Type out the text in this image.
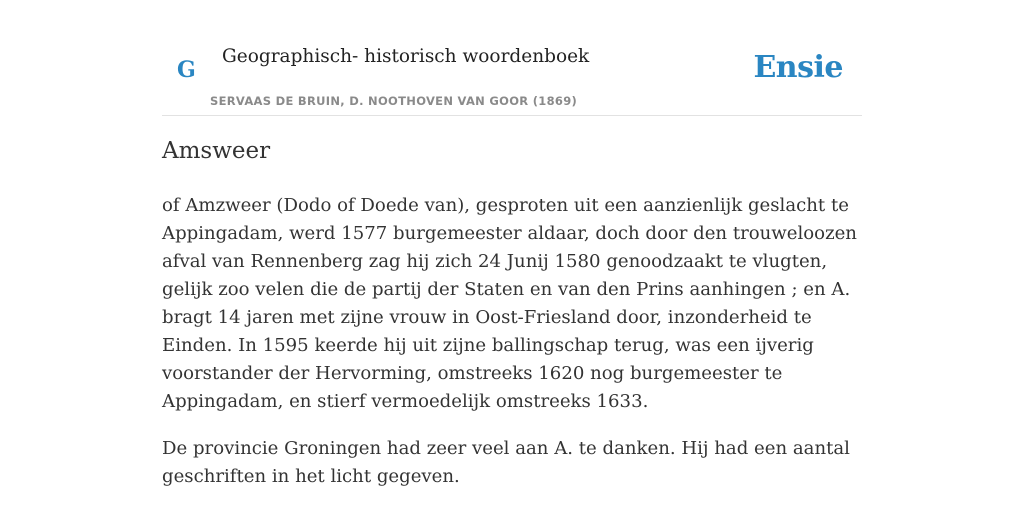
G
Geographisch- historisch woordenboek
SERVAAS DE BRUIN, D. NOOTHOVEN VAN GOOR (1869)
Ensie
Amsweer

of Amzweer (Dodo of Doede van), gesproten uit een aanzienlijk geslacht te Appingadam, werd 1577 burgemeester aldaar, doch door den trouweloozen afval van Rennenberg zag hij zich 24 Junij 1580 genoodzaakt te vlugten, gelijk zoo velen die de partij der Staten en van den Prins aanhingen ; en A. bragt 14 jaren met zijne vrouw in Oost-Friesland door, inzonderheid te Einden. In 1595 keerde hij uit zijne ballingschap terug, was een ijverig voorstander der Hervorming, omstreeks 1620 nog burgemeester te Appingadam, en stierf vermoedelijk omstreeks 1633.

De provincie Groningen had zeer veel aan A. te danken. Hij had een aantal geschriften in het licht gegeven.
